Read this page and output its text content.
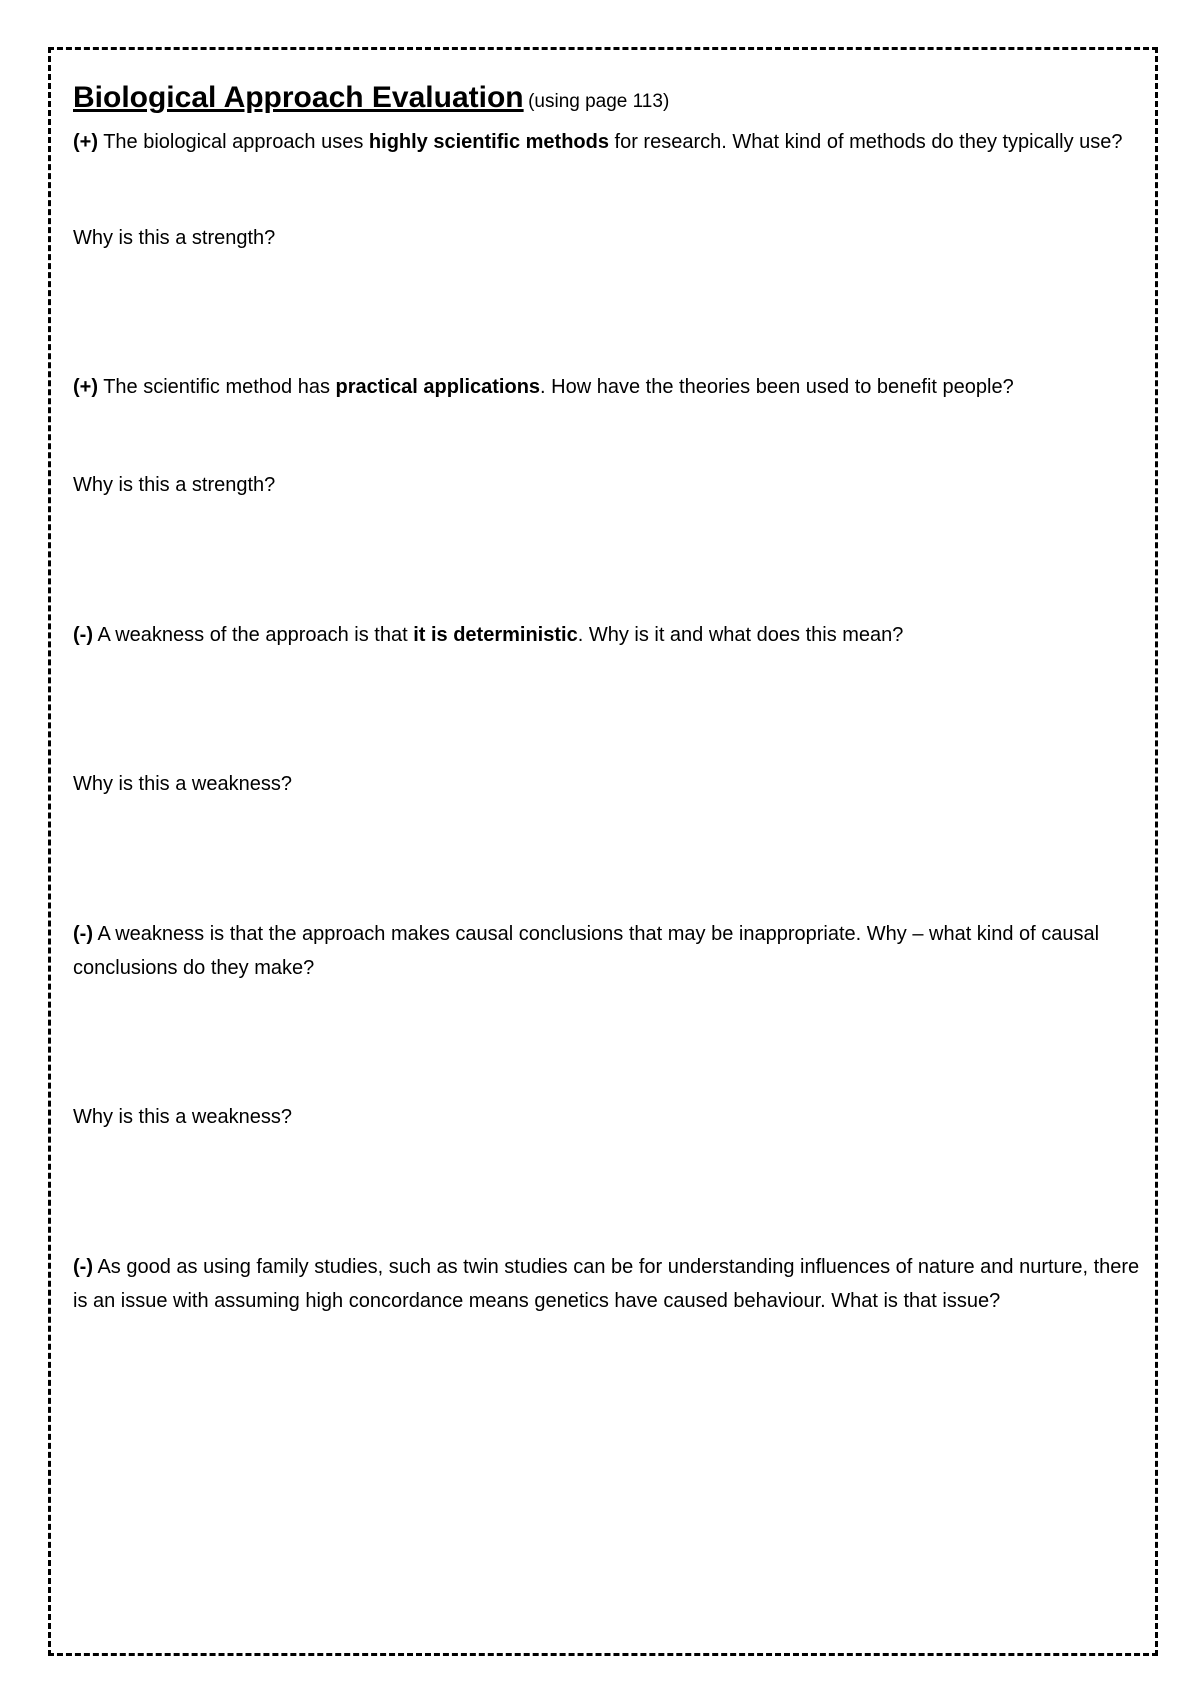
Biological Approach Evaluation (using page 113)

(+) The biological approach uses highly scientific methods for research. What kind of methods do they typically use?

Why is this a strength?

(+) The scientific method has practical applications. How have the theories been used to benefit people?

Why is this a strength?

(-) A weakness of the approach is that it is deterministic. Why is it and what does this mean?

Why is this a weakness?

(-) A weakness is that the approach makes causal conclusions that may be inappropriate. Why – what kind of causal conclusions do they make?

Why is this a weakness?

(-) As good as using family studies, such as twin studies can be for understanding influences of nature and nurture, there is an issue with assuming high concordance means genetics have caused behaviour. What is that issue?
